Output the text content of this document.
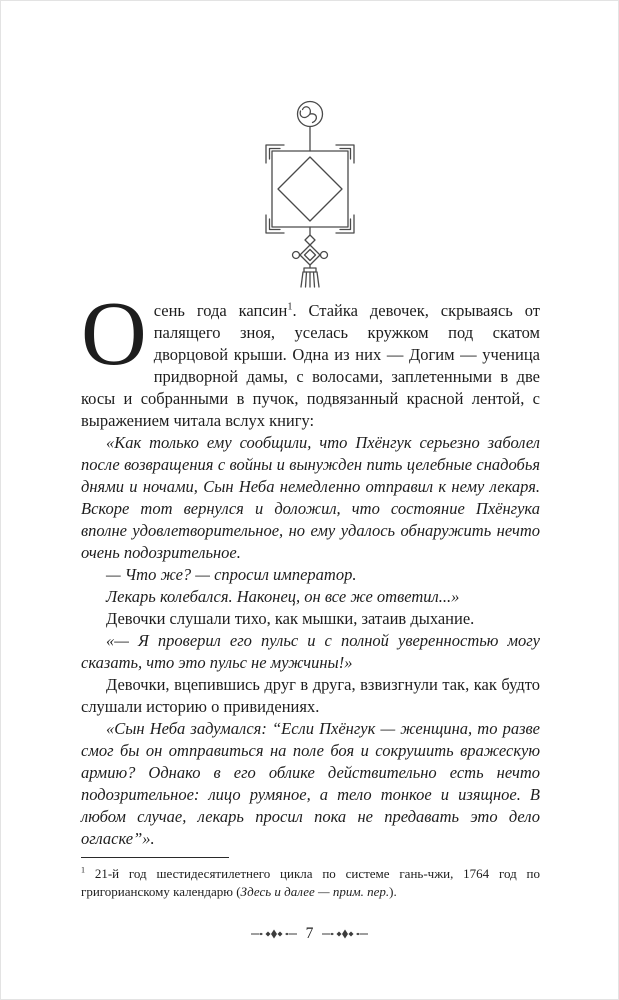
Осень года капсин$^1$. Стайка девочек, скрываясь от палящего зноя, уселась кружком под скатом дворцовой крыши. Одна из них — Догим — ученица придворной дамы, с волосами, заплетенными в две косы и собранными в пучок, подвязанный красной лентой, с выражением читала вслух книгу:

«Как только ему сообщили, что Пхёнгук серьезно заболел после возвращения с войны и вынужден пить целебные снадобья днями и ночами, Сын Неба немедленно отправил к нему лекаря. Вскоре тот вернулся и доложил, что состояние Пхёнгука вполне удовлетворительное, но ему удалось обнаружить нечто очень подозрительное.

— Что же? — спросил император.

Лекарь колебался. Наконец, он все же ответил...»

Девочки слушали тихо, как мышки, затаив дыхание.

«— Я проверил его пульс и с полной уверенностью могу сказать, что это пульс не мужчины!»

Девочки, вцепившись друг в друга, взвизгнули так, как будто слушали историю о привидениях.

«Сын Неба задумался: “Если Пхёнгук — женщина, то разве смог бы он отправиться на поле боя и сокрушить вражескую армию? Однако в его облике действительно есть нечто подозрительное: лицо румяное, а тело тонкое и изящное. В любом случае, лекарь просил пока не предавать это дело огласке”».

$^1$ 21-й год шестидесятилетнего цикла по системе гань-чжи, 1764 год по григорианскому календарю (Здесь и далее — прим. пер.).

7
